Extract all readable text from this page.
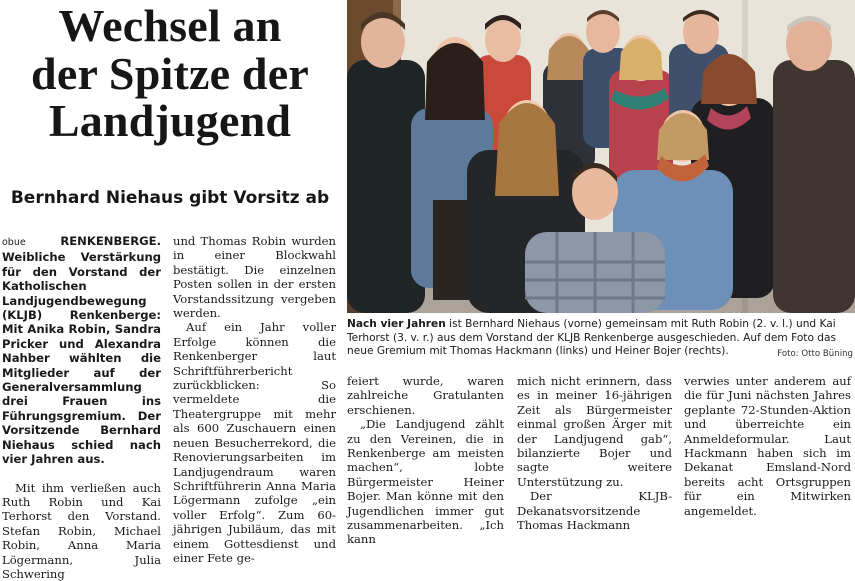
Wechsel an
der Spitze der
Landjugend
Bernhard Niehaus gibt Vorsitz ab

obue	RENKENBERGE. Weibliche Verstärkung für den Vorstand der Katholischen Landjugendbewegung (KLJB) Renkenberge: Mit Anika Robin, Sandra Pricker und Alexandra Nahber wählten die Mitglieder auf der Generalversammlung drei Frauen ins Führungsgremium. Der Vorsitzende Bernhard Niehaus schied nach vier Jahren aus.

Mit ihm verließen auch Ruth Robin und Kai Terhorst den Vorstand. Stefan Robin, Michael Robin, Anna Maria Lögermann, Julia Schwering

und Thomas Robin wurden in einer Blockwahl bestätigt. Die einzelnen Posten sollen in der ersten Vorstandssitzung vergeben werden.

Auf ein Jahr voller Erfolge können die Renkenberger laut Schriftführerbericht zurückblicken: So vermeldete die Theatergruppe mit mehr als 600 Zuschauern einen neuen Besucherrekord, die Renovierungsarbeiten im Landjugendraum waren Schriftführerin Anna Maria Lögermann zufolge „ein voller Erfolg“. Zum 60-jährigen Jubiläum, das mit einem Gottesdienst und einer Fete ge-

Nach vier Jahren ist Bernhard Niehaus (vorne) gemeinsam mit Ruth Robin (2. v. l.) und Kai Terhorst (3. v. r.) aus dem Vorstand der KLJB Renkenberge ausgeschieden. Auf dem Foto das neue Gremium mit Thomas Hackmann (links) und Heiner Bojer (rechts).	Foto: Otto Büning

feiert wurde, waren zahlreiche Gratulanten erschienen.

„Die Landjugend zählt zu den Vereinen, die in Renkenberge am meisten machen“, lobte Bürgermeister Heiner Bojer. Man könne mit den Jugendlichen immer gut zusammenarbeiten. „Ich kann

mich nicht erinnern, dass es in meiner 16-jährigen Zeit als Bürgermeister einmal großen Ärger mit der Landjugend gab“, bilanzierte Bojer und sagte weitere Unterstützung zu.

Der KLJB-Dekanatsvorsitzende Thomas Hackmann

verwies unter anderem auf die für Juni nächsten Jahres geplante 72-Stunden-Aktion und überreichte ein Anmeldeformular. Laut Hackmann haben sich im Dekanat Emsland-Nord bereits acht Ortsgruppen für ein Mitwirken angemeldet.
